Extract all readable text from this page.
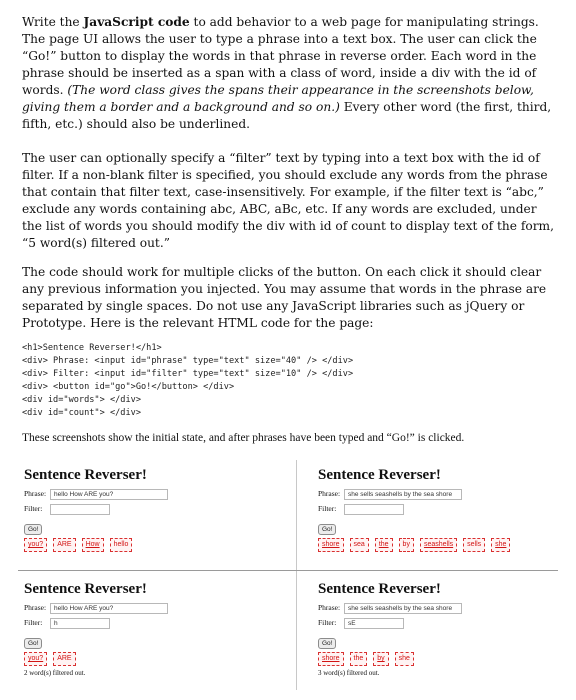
Write the JavaScript code to add behavior to a web page for manipulating strings. The page UI allows the user to type a phrase into a text box. The user can click the “Go!” button to display the words in that phrase in reverse order. Each word in the phrase should be inserted as a span with a class of word, inside a div with the id of words. (The word class gives the spans their appearance in the screenshots below, giving them a border and a background and so on.) Every other word (the first, third, fifth, etc.) should also be underlined.
The user can optionally specify a “filter” text by typing into a text box with the id of filter. If a non-blank filter is specified, you should exclude any words from the phrase that contain that filter text, case-insensitively. For example, if the filter text is “abc,” exclude any words containing abc, ABC, aBc, etc. If any words are excluded, under the list of words you should modify the div with id of count to display text of the form, “5 word(s) filtered out.”
The code should work for multiple clicks of the button. On each click it should clear any previous information you injected. You may assume that words in the phrase are separated by single spaces. Do not use any JavaScript libraries such as jQuery or Prototype. Here is the relevant HTML code for the page:
<h1>Sentence Reverser!</h1>
<div> Phrase: <input id="phrase" type="text" size="40" /> </div>
<div> Filter: <input id="filter" type="text" size="10" /> </div>
<div> <button id="go">Go!</button> </div>
<div id="words"> </div>
<div id="count"> </div>
These screenshots show the initial state, and after phrases have been typed and “Go!” is clicked.
Sentence Reverser!
Phrase:	hello How ARE you?
Filter:
Go!
you?	ARE	How	hello
Sentence Reverser!
Phrase:	she sells seashells by the sea shore
Filter:
Go!
shore	sea	the	by	seashells	sells	she
Sentence Reverser!
Phrase:	hello How ARE you?
Filter:	h
Go!
you?	ARE
2 word(s) filtered out.
Sentence Reverser!
Phrase:	she sells seashells by the sea shore
Filter:	sE
Go!
shore	the	by	she
3 word(s) filtered out.
